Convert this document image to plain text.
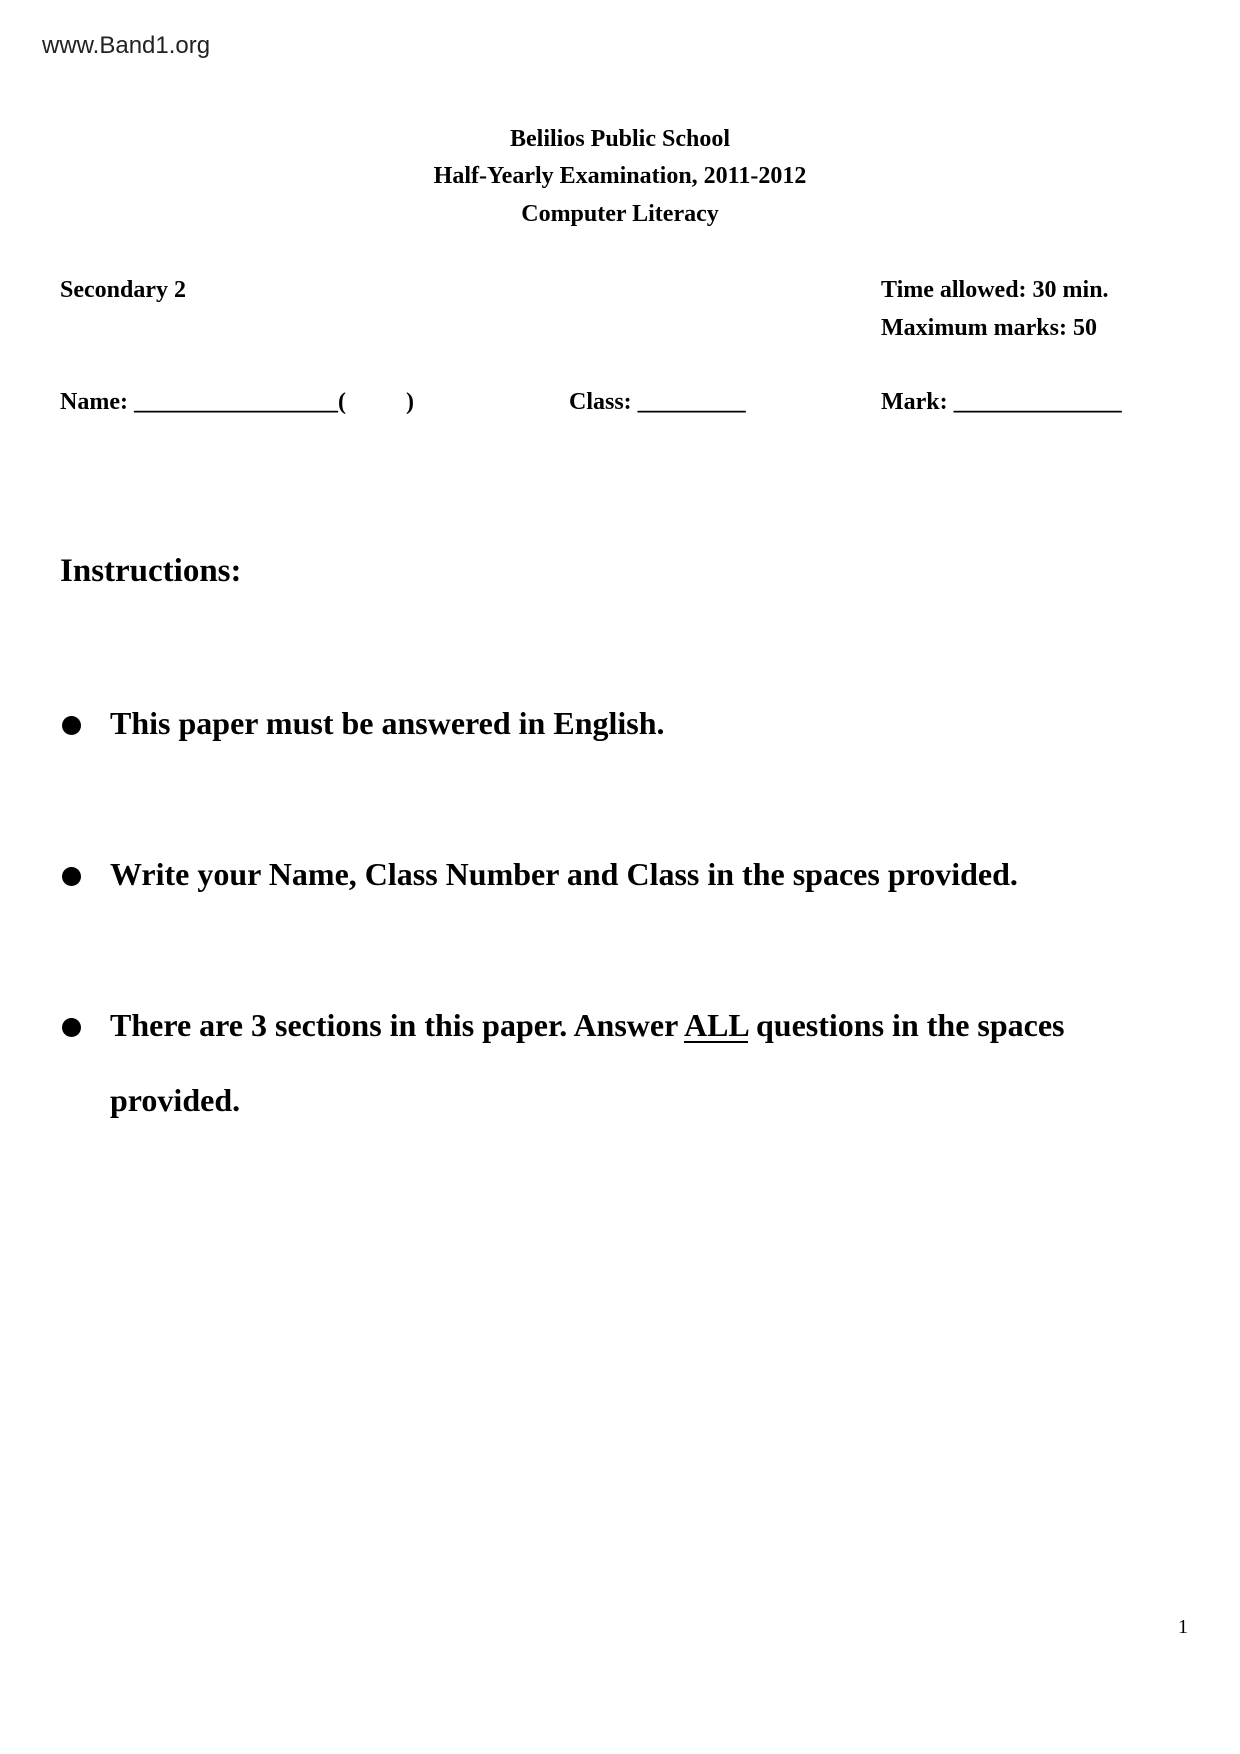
www.Band1.org
Belilios Public School
Half-Yearly Examination, 2011-2012
Computer Literacy
Secondary 2	Time allowed: 30 min.
Maximum marks: 50
Name: _________________(          )	Class: _________	Mark: ______________
Instructions:
This paper must be answered in English.
Write your Name, Class Number and Class in the spaces provided.
There are 3 sections in this paper. Answer ALL questions in the spaces
provided.
1
